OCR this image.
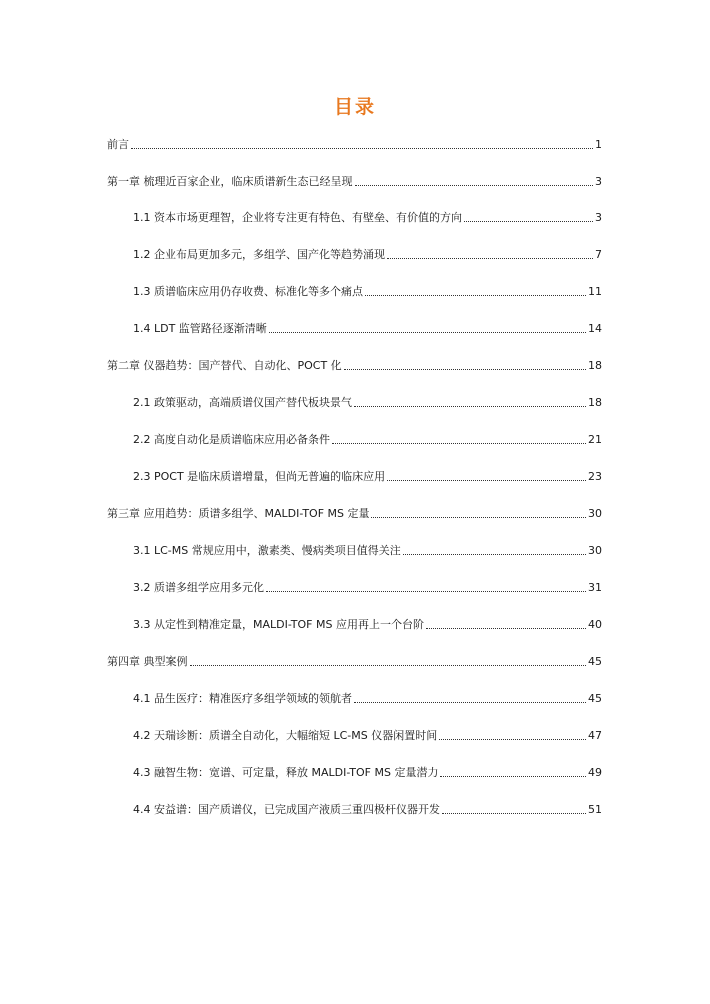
目录
前言	1
第一章 梳理近百家企业，临床质谱新生态已经呈现	3
1.1 资本市场更理智，企业将专注更有特色、有壁垒、有价值的方向	3
1.2 企业布局更加多元，多组学、国产化等趋势涌现	7
1.3 质谱临床应用仍存收费、标准化等多个痛点	11
1.4 LDT 监管路径逐渐清晰	14
第二章 仪器趋势：国产替代、自动化、POCT 化	18
2.1 政策驱动，高端质谱仪国产替代板块景气	18
2.2 高度自动化是质谱临床应用必备条件	21
2.3 POCT 是临床质谱增量，但尚无普遍的临床应用	23
第三章 应用趋势：质谱多组学、MALDI-TOF MS 定量	30
3.1 LC-MS 常规应用中，激素类、慢病类项目值得关注	30
3.2 质谱多组学应用多元化	31
3.3 从定性到精准定量，MALDI-TOF MS 应用再上一个台阶	40
第四章 典型案例	45
4.1 品生医疗：精准医疗多组学领域的领航者	45
4.2 天瑞诊断：质谱全自动化，大幅缩短 LC-MS 仪器闲置时间	47
4.3 融智生物：宽谱、可定量，释放 MALDI-TOF MS 定量潜力	49
4.4 安益谱：国产质谱仪，已完成国产液质三重四极杆仪器开发	51
